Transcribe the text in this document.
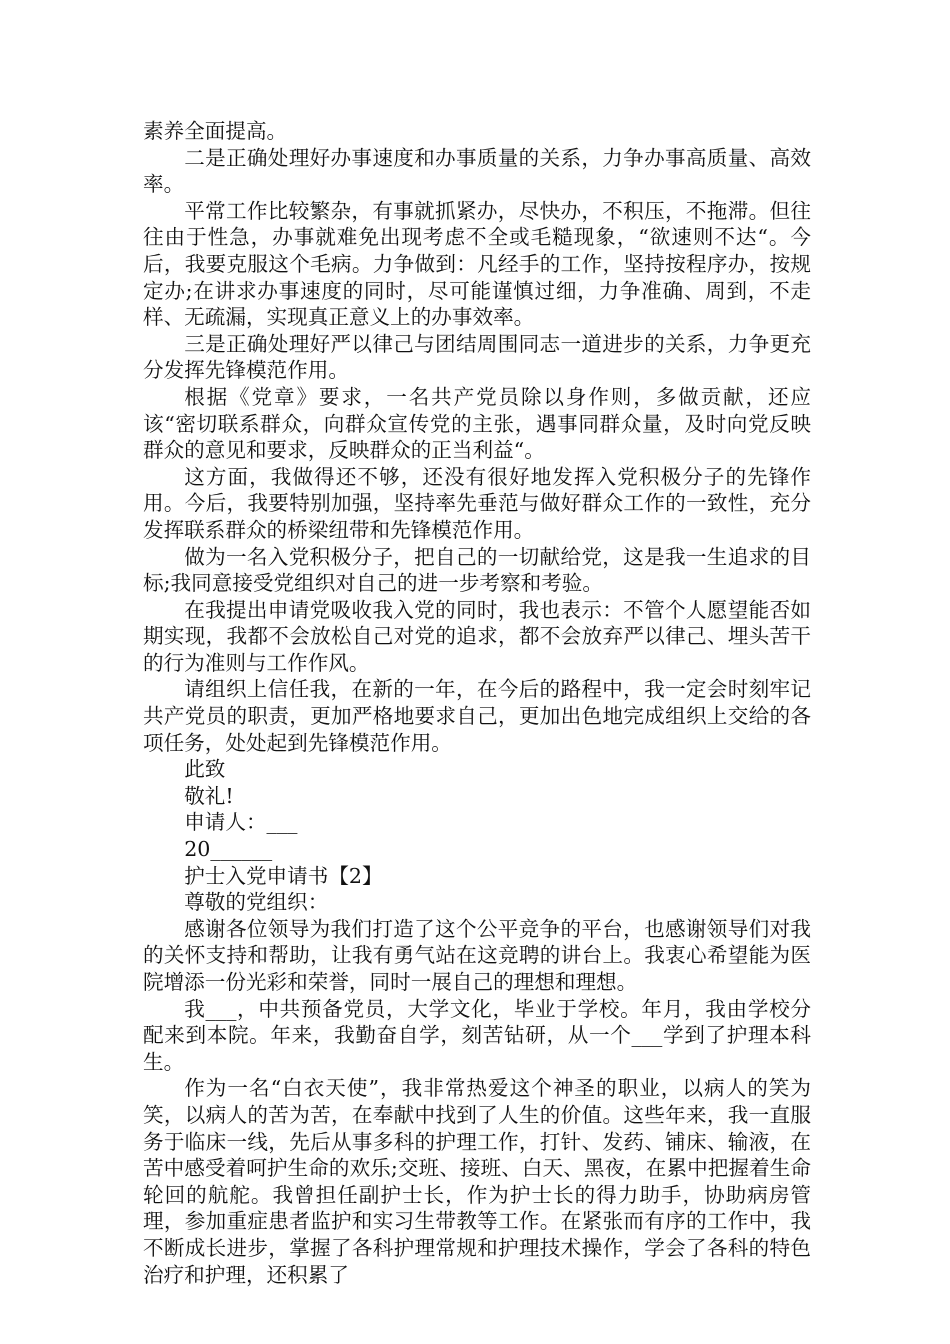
素养全面提高。

二是正确处理好办事速度和办事质量的关系，力争办事高质量、高效率。

平常工作比较繁杂，有事就抓紧办，尽快办，不积压，不拖滞。但往往由于性急，办事就难免出现考虑不全或毛糙现象，“欲速则不达“。今后，我要克服这个毛病。力争做到：凡经手的工作，坚持按程序办，按规定办;在讲求办事速度的同时，尽可能谨慎过细，力争准确、周到，不走样、无疏漏，实现真正意义上的办事效率。

三是正确处理好严以律己与团结周围同志一道进步的关系，力争更充分发挥先锋模范作用。

根据《党章》要求，一名共产党员除以身作则，多做贡献，还应该“密切联系群众，向群众宣传党的主张，遇事同群众量，及时向党反映群众的意见和要求，反映群众的正当利益“。

这方面，我做得还不够，还没有很好地发挥入党积极分子的先锋作用。今后，我要特别加强，坚持率先垂范与做好群众工作的一致性，充分发挥联系群众的桥梁纽带和先锋模范作用。

做为一名入党积极分子，把自己的一切献给党，这是我一生追求的目标;我同意接受党组织对自己的进一步考察和考验。

在我提出申请党吸收我入党的同时，我也表示：不管个人愿望能否如期实现，我都不会放松自己对党的追求，都不会放弃严以律己、埋头苦干的行为准则与工作作风。

请组织上信任我，在新的一年，在今后的路程中，我一定会时刻牢记共产党员的职责，更加严格地要求自己，更加出色地完成组织上交给的各项任务，处处起到先锋模范作用。

此致

敬礼!

申请人：___

20______

护士入党申请书【2】

尊敬的党组织：

感谢各位领导为我们打造了这个公平竞争的平台，也感谢领导们对我的关怀支持和帮助，让我有勇气站在这竞聘的讲台上。我衷心希望能为医院增添一份光彩和荣誉，同时一展自己的理想和理想。

我___，中共预备党员，大学文化，毕业于学校。年月，我由学校分配来到本院。年来，我勤奋自学，刻苦钻研，从一个___学到了护理本科生。

作为一名“白衣天使”，我非常热爱这个神圣的职业，以病人的笑为笑，以病人的苦为苦，在奉献中找到了人生的价值。这些年来，我一直服务于临床一线，先后从事多科的护理工作，打针、发药、铺床、输液，在苦中感受着呵护生命的欢乐;交班、接班、白天、黑夜，在累中把握着生命轮回的航舵。我曾担任副护士长，作为护士长的得力助手，协助病房管理，参加重症患者监护和实习生带教等工作。在紧张而有序的工作中，我不断成长进步，掌握了各科护理常规和护理技术操作，学会了各科的特色治疗和护理，还积累了
